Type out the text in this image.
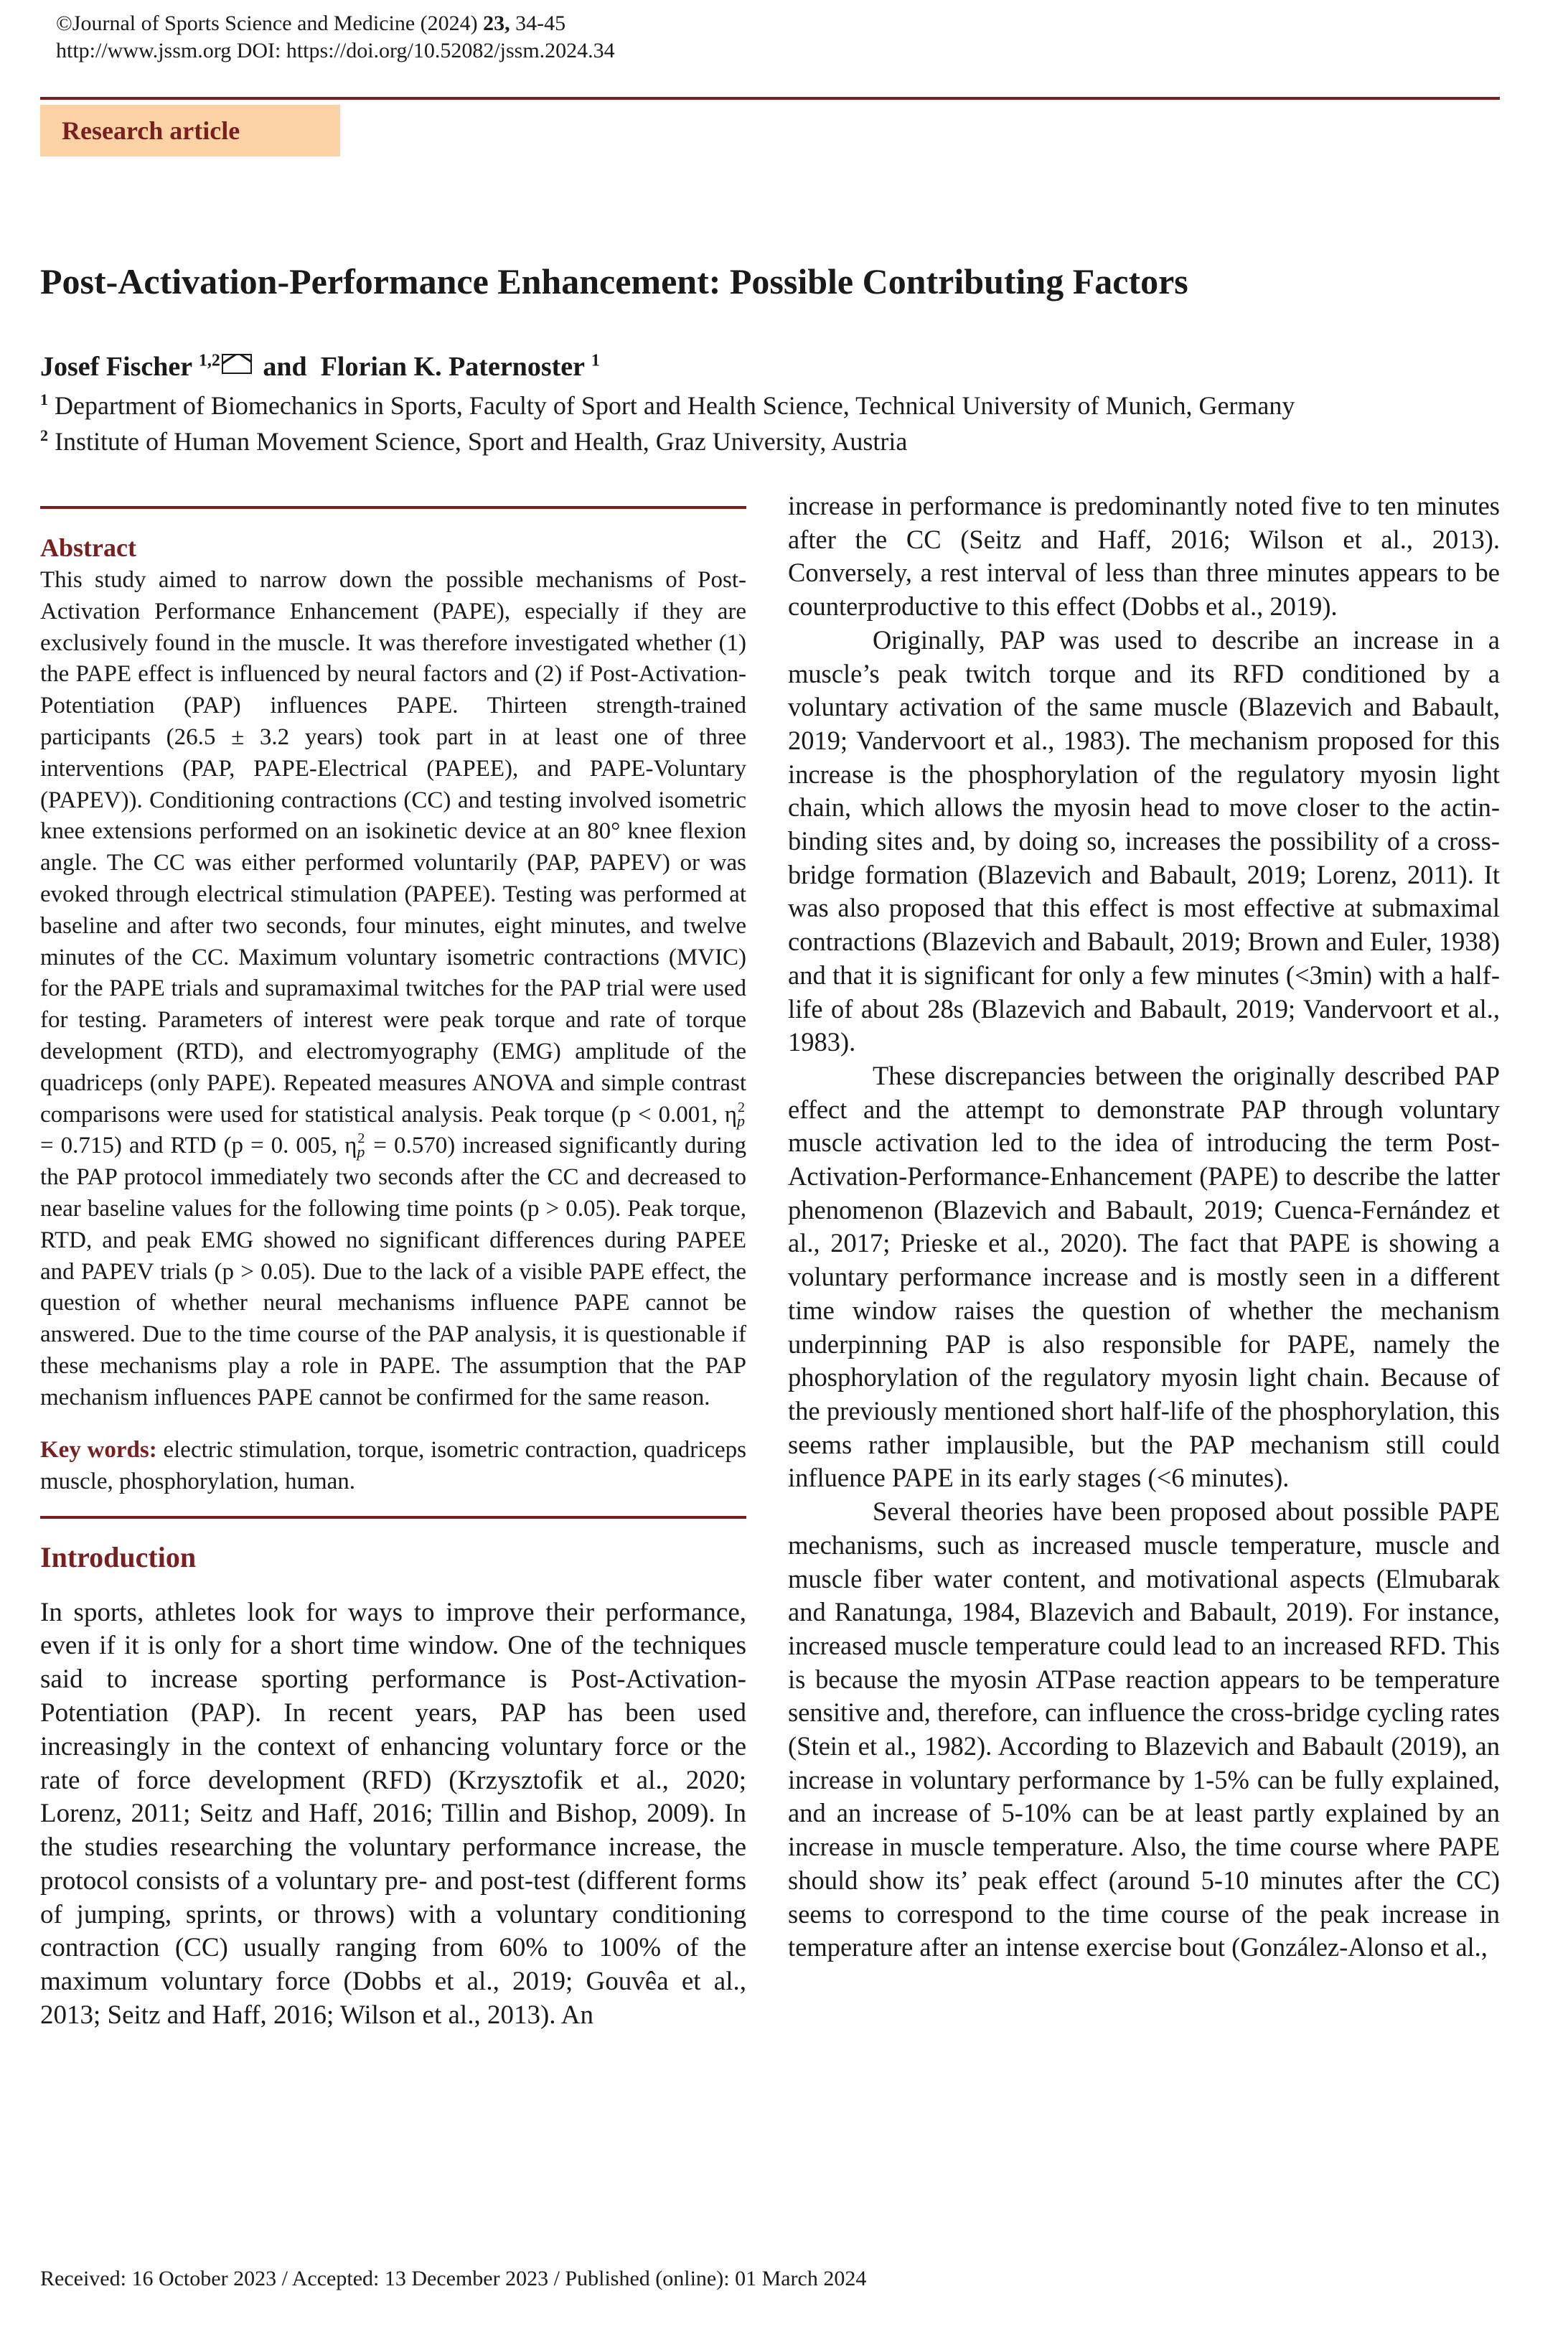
©Journal of Sports Science and Medicine (2024) 23, 34-45
http://www.jssm.org DOI: https://doi.org/10.52082/jssm.2024.34
Research article
Post-Activation-Performance Enhancement: Possible Contributing Factors
Josef Fischer $^{1,2}$ and Florian K. Paternoster $^1$
$^1$ Department of Biomechanics in Sports, Faculty of Sport and Health Science, Technical University of Munich, Germany
$^2$ Institute of Human Movement Science, Sport and Health, Graz University, Austria
Abstract

This study aimed to narrow down the possible mechanisms of Post-Activation Performance Enhancement (PAPE), especially if they are exclusively found in the muscle. It was therefore investigated whether (1) the PAPE effect is influenced by neural factors and (2) if Post-Activation-Potentiation (PAP) influences PAPE. Thirteen strength-trained participants (26.5 ± 3.2 years) took part in at least one of three interventions (PAP, PAPE-Electrical (PAPEE), and PAPE-Voluntary (PAPEV)). Conditioning contractions (CC) and testing involved isometric knee extensions performed on an isokinetic device at an 80° knee flexion angle. The CC was either performed voluntarily (PAP, PAPEV) or was evoked through electrical stimulation (PAPEE). Testing was performed at baseline and after two seconds, four minutes, eight minutes, and twelve minutes of the CC. Maximum voluntary isometric contractions (MVIC) for the PAPE trials and supramaximal twitches for the PAP trial were used for testing. Parameters of interest were peak torque and rate of torque development (RTD), and electromyography (EMG) amplitude of the quadriceps (only PAPE). Repeated measures ANOVA and simple contrast comparisons were used for statistical analysis. Peak torque (p < 0.001, $\eta_p^2 = 0.715$) and RTD (p = 0. 005, $\eta_p^2 = 0.570$) increased significantly during the PAP protocol immediately two seconds after the CC and decreased to near baseline values for the following time points (p > 0.05). Peak torque, RTD, and peak EMG showed no significant differences during PAPEE and PAPEV trials (p > 0.05). Due to the lack of a visible PAPE effect, the question of whether neural mechanisms influence PAPE cannot be answered. Due to the time course of the PAP analysis, it is questionable if these mechanisms play a role in PAPE. The assumption that the PAP mechanism influences PAPE cannot be confirmed for the same reason.

Key words: electric stimulation, torque, isometric contraction, quadriceps muscle, phosphorylation, human.

Introduction

In sports, athletes look for ways to improve their performance, even if it is only for a short time window. One of the techniques said to increase sporting performance is Post-Activation-Potentiation (PAP). In recent years, PAP has been used increasingly in the context of enhancing voluntary force or the rate of force development (RFD) (Krzysztofik et al., 2020; Lorenz, 2011; Seitz and Haff, 2016; Tillin and Bishop, 2009). In the studies researching the voluntary performance increase, the protocol consists of a voluntary pre- and post-test (different forms of jumping, sprints, or throws) with a voluntary conditioning contraction (CC) usually ranging from 60% to 100% of the maximum voluntary force (Dobbs et al., 2019; Gouvêa et al., 2013; Seitz and Haff, 2016; Wilson et al., 2013). An

increase in performance is predominantly noted five to ten minutes after the CC (Seitz and Haff, 2016; Wilson et al., 2013). Conversely, a rest interval of less than three minutes appears to be counterproductive to this effect (Dobbs et al., 2019).

Originally, PAP was used to describe an increase in a muscle’s peak twitch torque and its RFD conditioned by a voluntary activation of the same muscle (Blazevich and Babault, 2019; Vandervoort et al., 1983). The mechanism proposed for this increase is the phosphorylation of the regulatory myosin light chain, which allows the myosin head to move closer to the actin-binding sites and, by doing so, increases the possibility of a cross-bridge formation (Blazevich and Babault, 2019; Lorenz, 2011). It was also proposed that this effect is most effective at submaximal contractions (Blazevich and Babault, 2019; Brown and Euler, 1938) and that it is significant for only a few minutes (<3min) with a half-life of about 28s (Blazevich and Babault, 2019; Vandervoort et al., 1983).

These discrepancies between the originally described PAP effect and the attempt to demonstrate PAP through voluntary muscle activation led to the idea of introducing the term Post-Activation-Performance-Enhancement (PAPE) to describe the latter phenomenon (Blazevich and Babault, 2019; Cuenca-Fernández et al., 2017; Prieske et al., 2020). The fact that PAPE is showing a voluntary performance increase and is mostly seen in a different time window raises the question of whether the mechanism underpinning PAP is also responsible for PAPE, namely the phosphorylation of the regulatory myosin light chain. Because of the previously mentioned short half-life of the phosphorylation, this seems rather implausible, but the PAP mechanism still could influence PAPE in its early stages (<6 minutes).

Several theories have been proposed about possible PAPE mechanisms, such as increased muscle temperature, muscle and muscle fiber water content, and motivational aspects (Elmubarak and Ranatunga, 1984, Blazevich and Babault, 2019). For instance, increased muscle temperature could lead to an increased RFD. This is because the myosin ATPase reaction appears to be temperature sensitive and, therefore, can influence the cross-bridge cycling rates (Stein et al., 1982). According to Blazevich and Babault (2019), an increase in voluntary performance by 1-5% can be fully explained, and an increase of 5-10% can be at least partly explained by an increase in muscle temperature. Also, the time course where PAPE should show its’ peak effect (around 5-10 minutes after the CC) seems to correspond to the time course of the peak increase in temperature after an intense exercise bout (González-Alonso et al.,

Received: 16 October 2023 / Accepted: 13 December 2023 / Published (online): 01 March 2024
